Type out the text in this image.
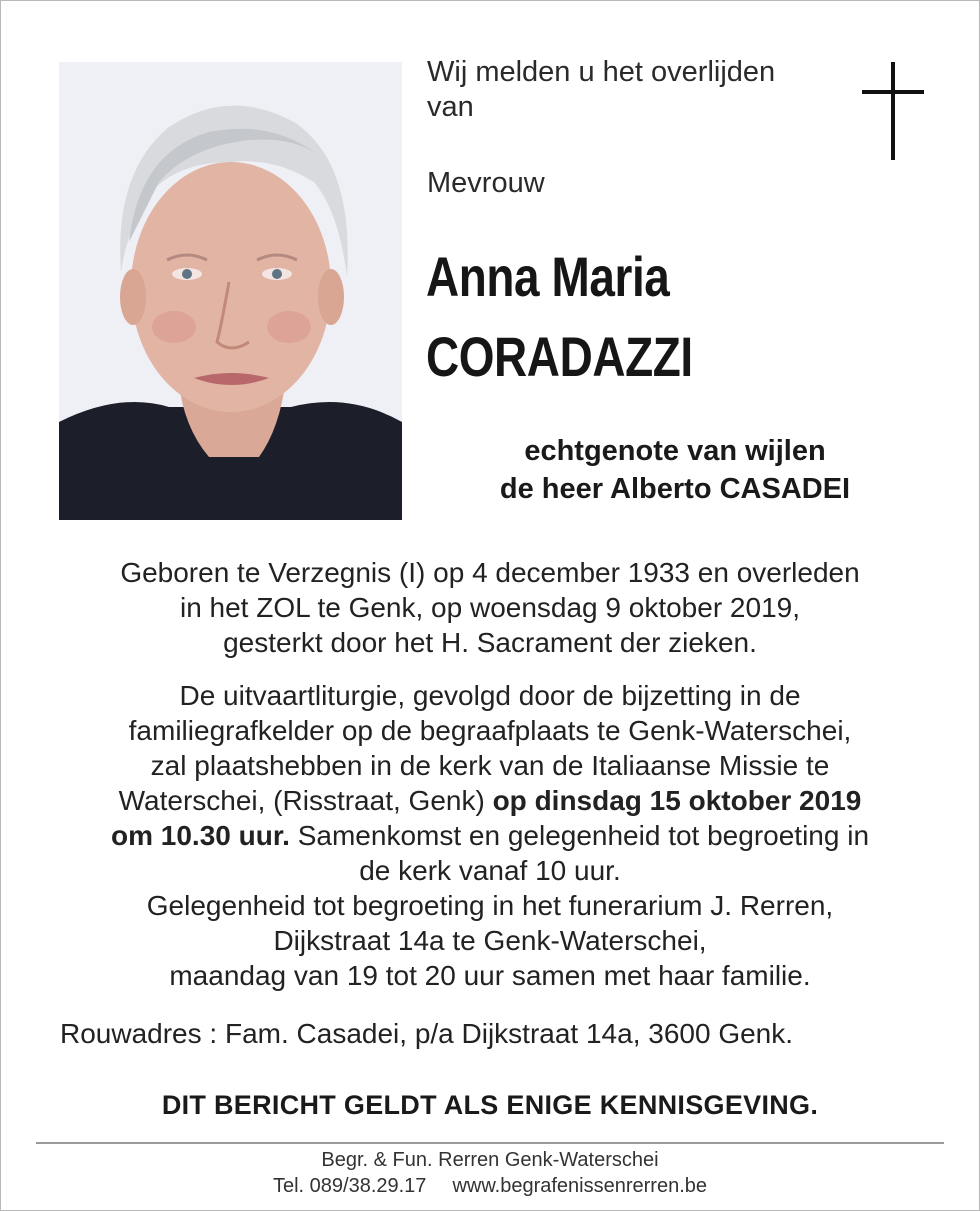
Wij melden u het overlijden
van
Mevrouw
Anna Maria
CORADAZZI
echtgenote van wijlen
de heer Alberto CASADEI
Geboren te Verzegnis (I) op 4 december 1933 en overleden
in het ZOL te Genk, op woensdag 9 oktober 2019,
gesterkt door het H. Sacrament der zieken.
De uitvaartliturgie, gevolgd door de bijzetting in de
familiegrafkelder op de begraafplaats te Genk-Waterschei,
zal plaatshebben in de kerk van de Italiaanse Missie te
Waterschei, (Risstraat, Genk) op dinsdag 15 oktober 2019
om 10.30 uur. Samenkomst en gelegenheid tot begroeting in
de kerk vanaf 10 uur.
Gelegenheid tot begroeting in het funerarium J. Rerren,
Dijkstraat 14a te Genk-Waterschei,
maandag van 19 tot 20 uur samen met haar familie.
Rouwadres : Fam. Casadei, p/a Dijkstraat 14a, 3600 Genk.
DIT BERICHT GELDT ALS ENIGE KENNISGEVING.
Begr. & Fun. Rerren Genk-Waterschei
Tel. 089/38.29.17 www.begrafenissenrerren.be
